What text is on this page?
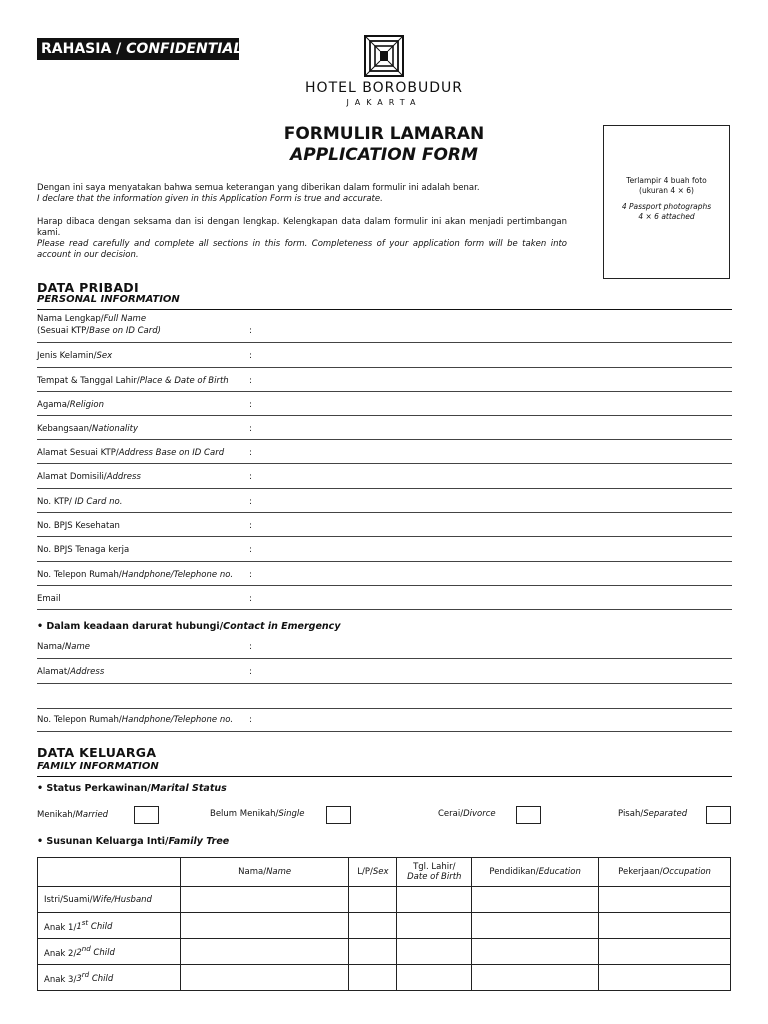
RAHASIA / CONFIDENTIAL
HOTEL BOROBUDUR
JAKARTA
FORMULIR LAMARAN
APPLICATION FORM
Terlampir 4 buah foto
(ukuran 4 × 6)
4 Passport photographs
4 × 6 attached
Dengan ini saya menyatakan bahwa semua keterangan yang diberikan dalam formulir ini adalah benar.
I declare that the information given in this Application Form is true and accurate.
Harap dibaca dengan seksama dan isi dengan lengkap. Kelengkapan data dalam formulir ini akan menjadi pertimbangan kami.
Please read carefully and complete all sections in this form. Completeness of your application form will be taken into account in our decision.
DATA PRIBADI
PERSONAL INFORMATION
Nama Lengkap/Full Name
(Sesuai KTP/Base on ID Card)	:
Jenis Kelamin/Sex	:
Tempat & Tanggal Lahir/Place & Date of Birth :
Agama/Religion	:
Kebangsaan/Nationality	:
Alamat Sesuai KTP/Address Base on ID Card	:
Alamat Domisili/Address	:
No. KTP/ ID Card no.	:
No. BPJS Kesehatan	:
No. BPJS Tenaga kerja	:
No. Telepon Rumah/Handphone/Telephone no. :
Email	:
• Dalam keadaan darurat hubungi/Contact in Emergency
Nama/Name	:
Alamat/Address	:
No. Telepon Rumah/Handphone/Telephone no. :
DATA KELUARGA
FAMILY INFORMATION
• Status Perkawinan/Marital Status
Menikah/Married	Belum Menikah/Single	Cerai/Divorce	Pisah/Separated
• Susunan Keluarga Inti/Family Tree
	Nama/Name	L/P/Sex	Tgl. Lahir/
Date of Birth	Pendidikan/Education	Pekerjaan/Occupation
Istri/Suami/Wife/Husband					
Anak 1/1st Child					
Anak 2/2nd Child					
Anak 3/3rd Child					
